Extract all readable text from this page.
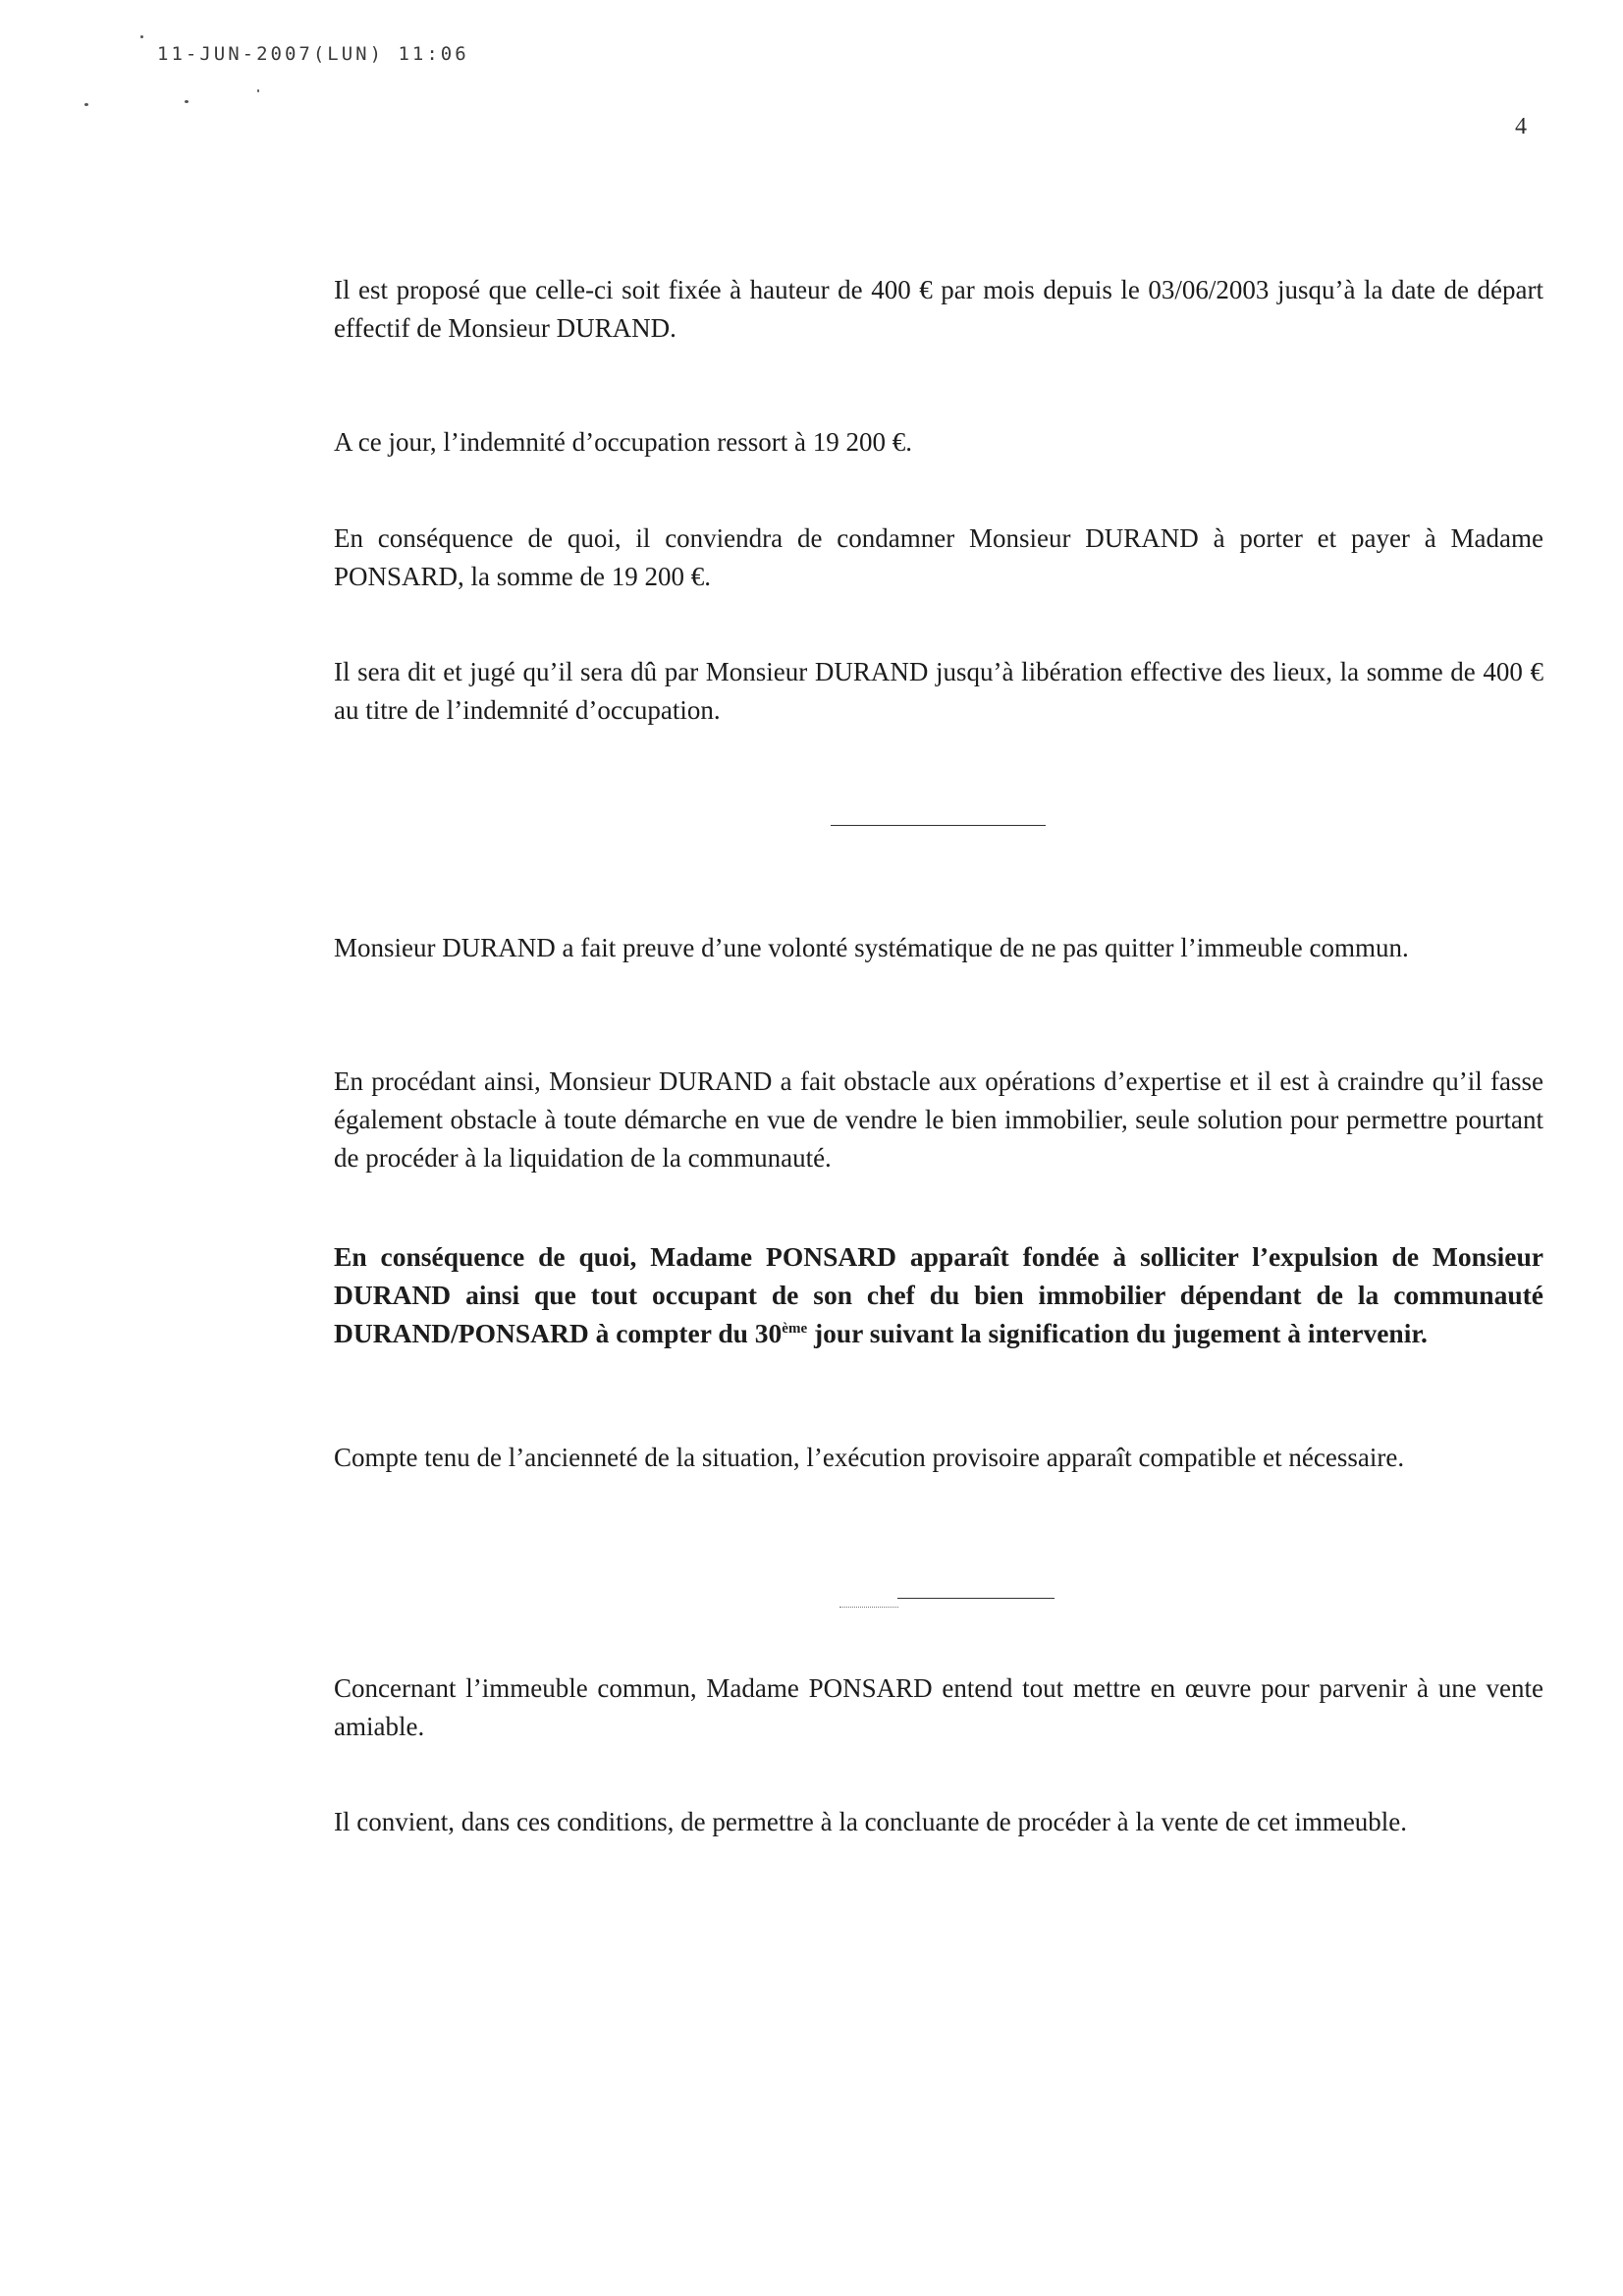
11-JUN-2007(LUN) 11:06
4

Il est proposé que celle-ci soit fixée à hauteur de 400 € par mois depuis le 03/06/2003 jusqu’à la date de départ effectif de Monsieur DURAND.

A ce jour, l’indemnité d’occupation ressort à 19 200 €.

En conséquence de quoi, il conviendra de condamner Monsieur DURAND à porter et payer à Madame PONSARD, la somme de 19 200 €.

Il sera dit et jugé qu’il sera dû par Monsieur DURAND jusqu’à libération effective des lieux, la somme de 400 € au titre de l’indemnité d’occupation.

Monsieur DURAND a fait preuve d’une volonté systématique de ne pas quitter l’immeuble commun.

En procédant ainsi, Monsieur DURAND a fait obstacle aux opérations d’expertise et il est à craindre qu’il fasse également obstacle à toute démarche en vue de vendre le bien immobilier, seule solution pour permettre pourtant de procéder à la liquidation de la communauté.

En conséquence de quoi, Madame PONSARD apparaît fondée à solliciter l’expulsion de Monsieur DURAND ainsi que tout occupant de son chef du bien immobilier dépendant de la communauté DURAND/PONSARD à compter du 30ème jour suivant la signification du jugement à intervenir.

Compte tenu de l’ancienneté de la situation, l’exécution provisoire apparaît compatible et nécessaire.

Concernant l’immeuble commun, Madame PONSARD entend tout mettre en œuvre pour parvenir à une vente amiable.

Il convient, dans ces conditions, de permettre à la concluante de procéder à la vente de cet immeuble.
